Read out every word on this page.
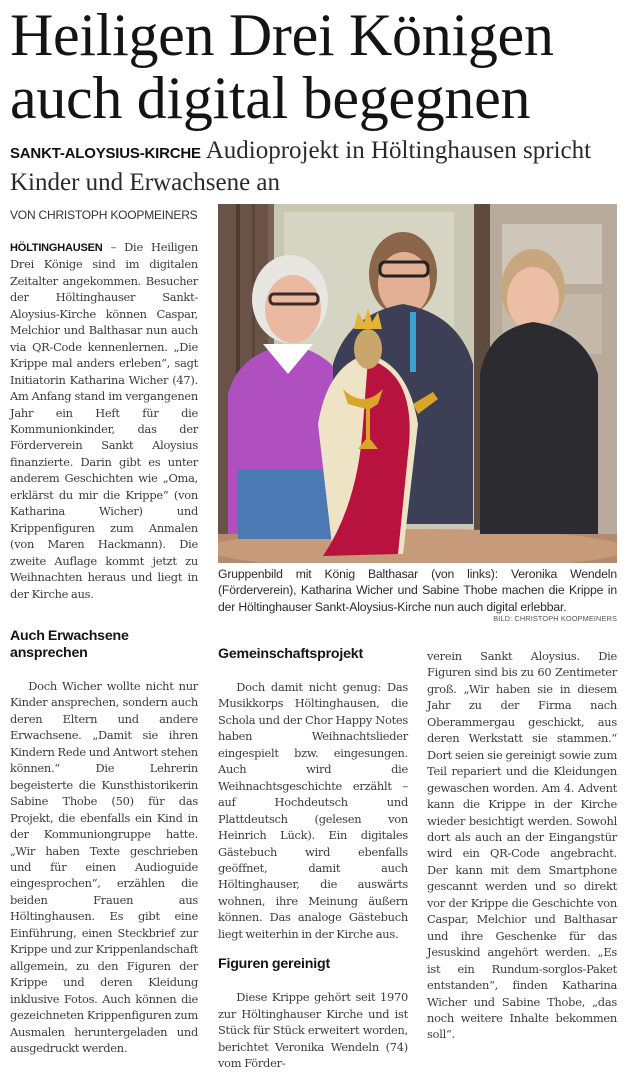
Heiligen Drei Königen
auch digital begegnen
SANKT-ALOYSIUS-KIRCHE Audioprojekt in Höltinghausen spricht Kinder und Erwachsene an
VON CHRISTOPH KOOPMEINERS

HÖLTINGHAUSEN – Die Heiligen Drei Könige sind im digitalen Zeitalter angekommen. Besucher der Höltinghauser Sankt-Aloysius-Kirche können Caspar, Melchior und Balthasar nun auch via QR-Code kennenlernen. „Die Krippe mal anders erleben“, sagt Initiatorin Katharina Wicher (47). Am Anfang stand im vergangenen Jahr ein Heft für die Kommunionkinder, das der Förderverein Sankt Aloysius finanzierte. Darin gibt es unter anderem Geschichten wie „Oma, erklärst du mir die Krippe“ (von Katharina Wicher) und Krippenfiguren zum Anmalen (von Maren Hackmann). Die zweite Auflage kommt jetzt zu Weihnachten heraus und liegt in der Kirche aus.

Auch Erwachsene ansprechen

Doch Wicher wollte nicht nur Kinder ansprechen, sondern auch deren Eltern und andere Erwachsene. „Damit sie ihren Kindern Rede und Antwort stehen können.“ Die Lehrerin begeisterte die Kunsthistorikerin Sabine Thobe (50) für das Projekt, die ebenfalls ein Kind in der Kommuniongruppe hatte. „Wir haben Texte geschrieben und für einen Audioguide eingesprochen“, erzählen die beiden Frauen aus Höltinghausen. Es gibt eine Einführung, einen Steckbrief zur Krippe und zur Krippenlandschaft allgemein, zu den Figuren der Krippe und deren Kleidung inklusive Fotos. Auch können die gezeichneten Krippenfiguren zum Ausmalen heruntergeladen und ausgedruckt werden.

Gruppenbild mit König Balthasar (von links): Veronika Wendeln (Förderverein), Katharina Wicher und Sabine Thobe machen die Krippe in der Höltinghauser Sankt-Aloysius-Kirche nun auch digital erlebbar.
BILD: CHRISTOPH KOOPMEINERS
Gemeinschaftsprojekt

Doch damit nicht genug: Das Musikkorps Höltinghausen, die Schola und der Chor Happy Notes haben Weihnachtslieder eingespielt bzw. eingesungen. Auch wird die Weihnachtsgeschichte erzählt – auf Hochdeutsch und Plattdeutsch (gelesen von Heinrich Lück). Ein digitales Gästebuch wird ebenfalls geöffnet, damit auch Höltinghauser, die auswärts wohnen, ihre Meinung äußern können. Das analoge Gästebuch liegt weiterhin in der Kirche aus.

Figuren gereinigt

Diese Krippe gehört seit 1970 zur Höltinghauser Kirche und ist Stück für Stück erweitert worden, berichtet Veronika Wendeln (74) vom Förder-

verein Sankt Aloysius. Die Figuren sind bis zu 60 Zentimeter groß. „Wir haben sie in diesem Jahr zu der Firma nach Oberammergau geschickt, aus deren Werkstatt sie stammen.“ Dort seien sie gereinigt sowie zum Teil repariert und die Kleidungen gewaschen worden. Am 4. Advent kann die Krippe in der Kirche wieder besichtigt werden. Sowohl dort als auch an der Eingangstür wird ein QR-Code angebracht. Der kann mit dem Smartphone gescannt werden und so direkt vor der Krippe die Geschichte von Caspar, Melchior und Balthasar und ihre Geschenke für das Jesuskind angehört werden. „Es ist ein Rundum-sorglos-Paket entstanden“, finden Katharina Wicher und Sabine Thobe, „das noch weitere Inhalte bekommen soll“.
